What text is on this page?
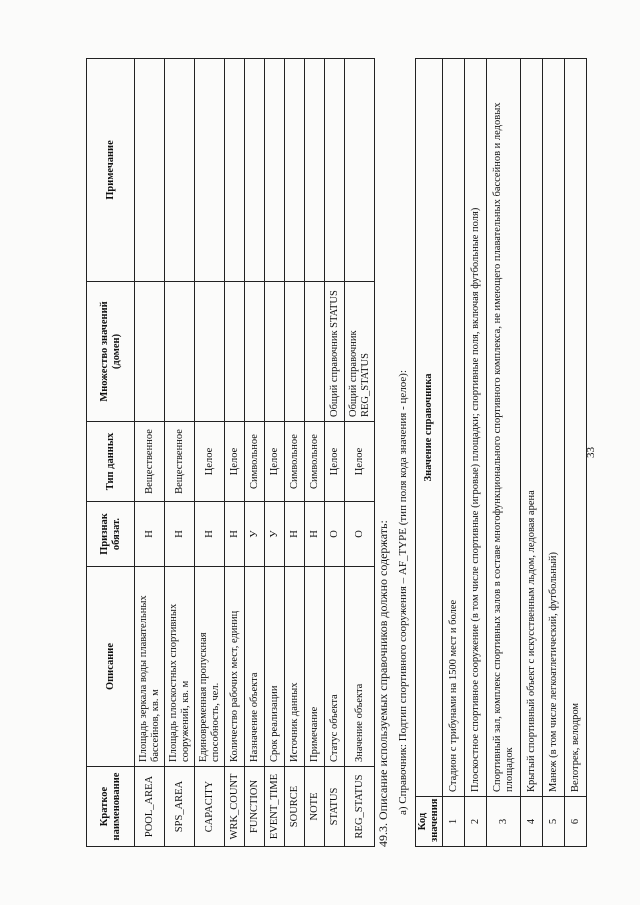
33
Краткое наименование	Описание	Признак обязат.	Тип данных	Множество значений (домен)	Примечание
POOL_AREA	Площадь зеркала воды плавательных бассейнов, кв. м	Н	Вещественное		
SPS_AREA	Площадь плоскостных спортивных сооружений, кв. м	Н	Вещественное		
CAPACITY	Единовременная пропускная способность, чел.	Н	Целое		
WRK_COUNT	Количество рабочих мест, единиц	Н	Целое		
FUNCTION	Назначение объекта	У	Символьное		
EVENT_TIME	Срок реализации	У	Целое		
SOURCE	Источник данных	Н	Символьное		
NOTE	Примечание	Н	Символьное		
STATUS	Статус объекта	О	Целое	Общий справочник STATUS	
REG_STATUS	Значение объекта	О	Целое	Общий справочник REG_STATUS	
49.3. Описание используемых справочников должно содержать: а) Справочник: Подтип спортивного сооружения – AF_TYPE (тип поля кода значения - целое):
Код значения	Значение справочника
1	Стадион с трибунами на 1500 мест и более
2	Плоскостное спортивное сооружение (в том числе спортивные (игровые) площадки; спортивные поля, включая футбольные поля)
3	Спортивный зал, комплекс спортивных залов в составе многофункционального спортивного комплекса, не имеющего плавательных бассейнов и ледовых площадок
4	Крытый спортивный объект с искусственным льдом, ледовая арена
5	Манеж (в том числе легкоатлетический, футбольный)
6	Велотрек, велодром
